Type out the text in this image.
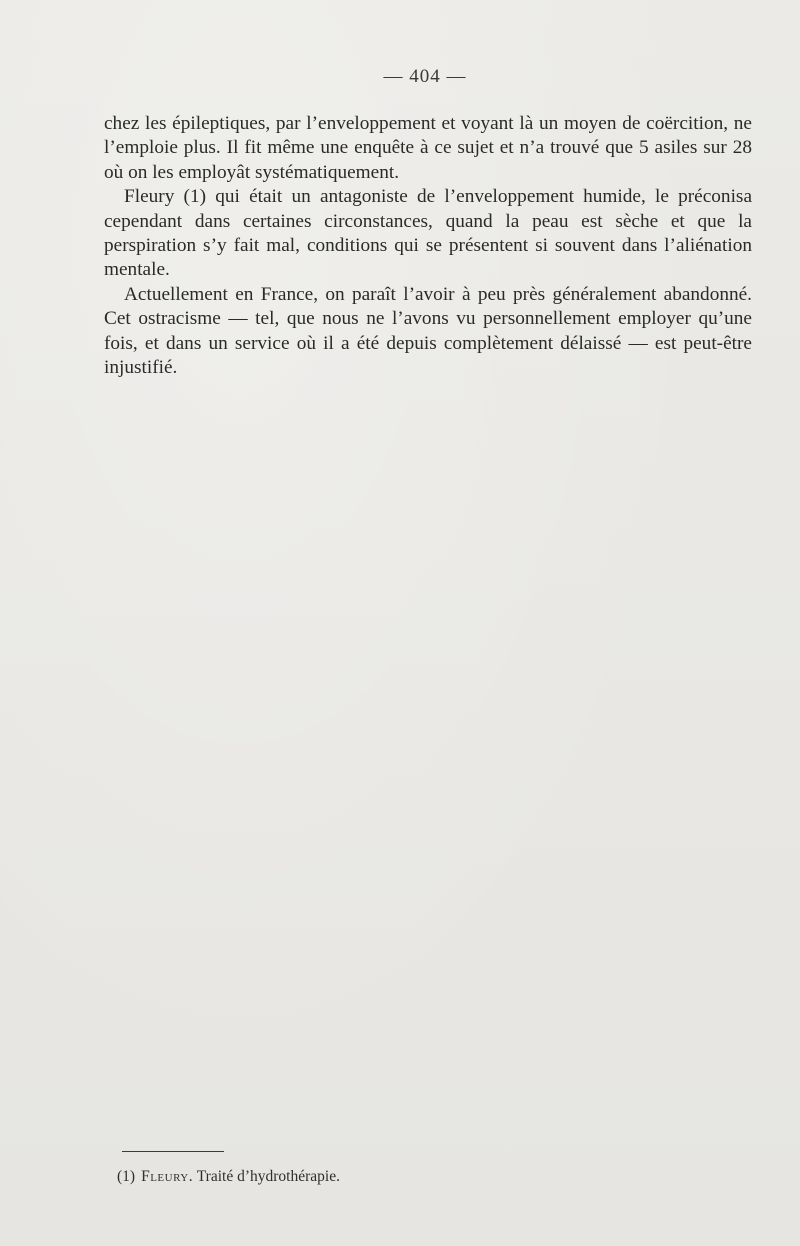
— 404 —

chez les épileptiques, par l’enveloppement et voyant là un moyen de coërcition, ne l’emploie plus. Il fit même une enquête à ce sujet et n’a trouvé que 5 asiles sur 28 où on les employât systématiquement.

Fleury (1) qui était un antagoniste de l’enveloppement humide, le préconisa cependant dans certaines circonstances, quand la peau est sèche et que la perspiration s’y fait mal, conditions qui se présentent si souvent dans l’aliénation mentale.

Actuellement en France, on paraît l’avoir à peu près généralement abandonné. Cet ostracisme — tel, que nous ne l’avons vu personnellement employer qu’une fois, et dans un service où il a été depuis complètement délaissé — est peut-être injustifié.

(1) Fleury. Traité d’hydrothérapie.
